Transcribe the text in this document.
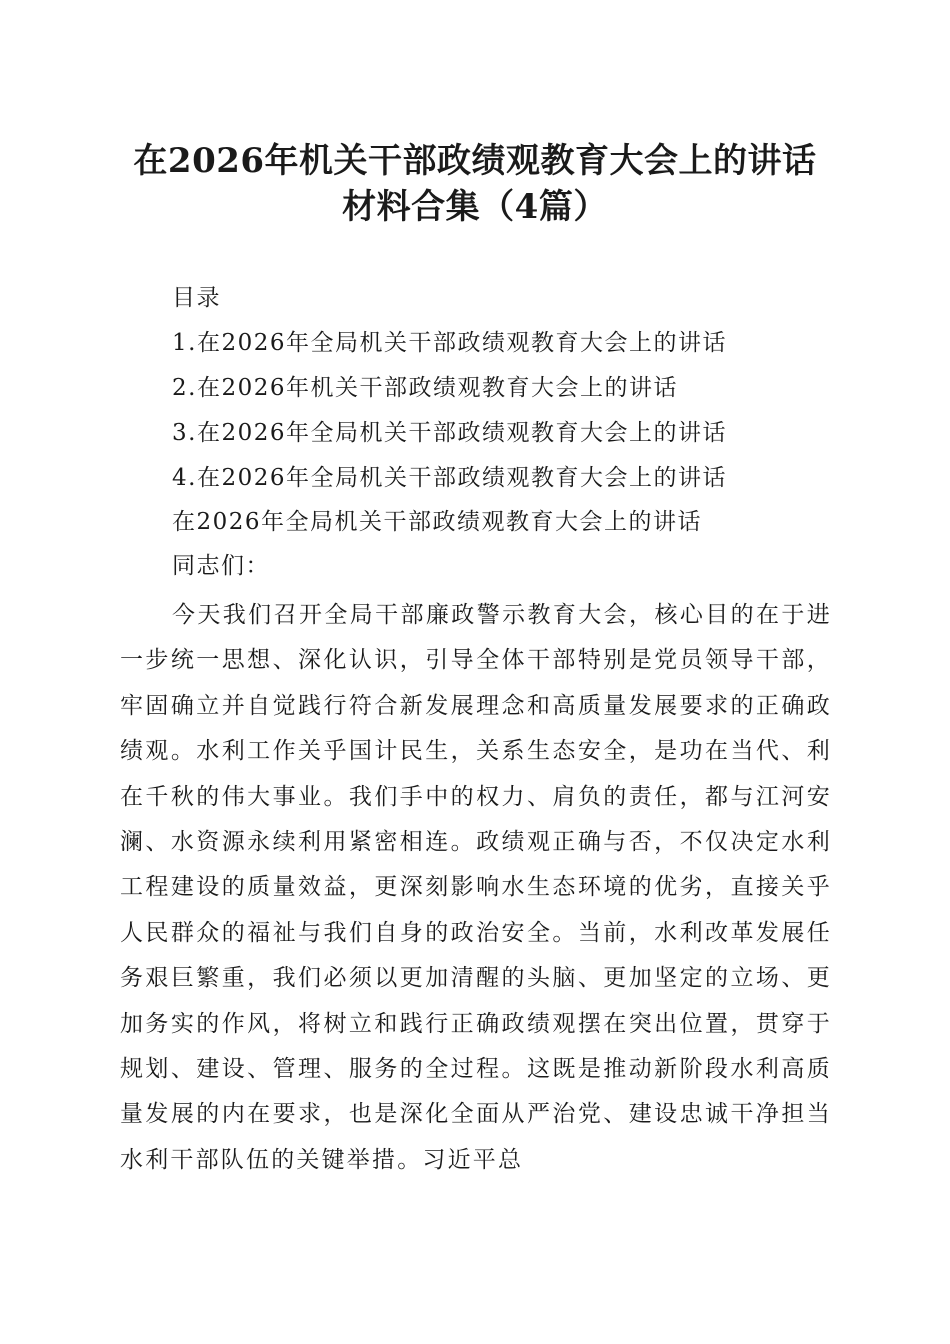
在2026年机关干部政绩观教育大会上的讲话
材料合集（4篇）
目录
1.在2026年全局机关干部政绩观教育大会上的讲话
2.在2026年机关干部政绩观教育大会上的讲话
3.在2026年全局机关干部政绩观教育大会上的讲话
4.在2026年全局机关干部政绩观教育大会上的讲话
在2026年全局机关干部政绩观教育大会上的讲话
同志们：

今天我们召开全局干部廉政警示教育大会，核心目的在于进一步统一思想、深化认识，引导全体干部特别是党员领导干部，牢固确立并自觉践行符合新发展理念和高质量发展要求的正确政绩观。水利工作关乎国计民生，关系生态安全，是功在当代、利在千秋的伟大事业。我们手中的权力、肩负的责任，都与江河安澜、水资源永续利用紧密相连。政绩观正确与否，不仅决定水利工程建设的质量效益，更深刻影响水生态环境的优劣，直接关乎人民群众的福祉与我们自身的政治安全。当前，水利改革发展任务艰巨繁重，我们必须以更加清醒的头脑、更加坚定的立场、更加务实的作风，将树立和践行正确政绩观摆在突出位置，贯穿于规划、建设、管理、服务的全过程。这既是推动新阶段水利高质量发展的内在要求，也是深化全面从严治党、建设忠诚干净担当水利干部队伍的关键举措。习近平总
